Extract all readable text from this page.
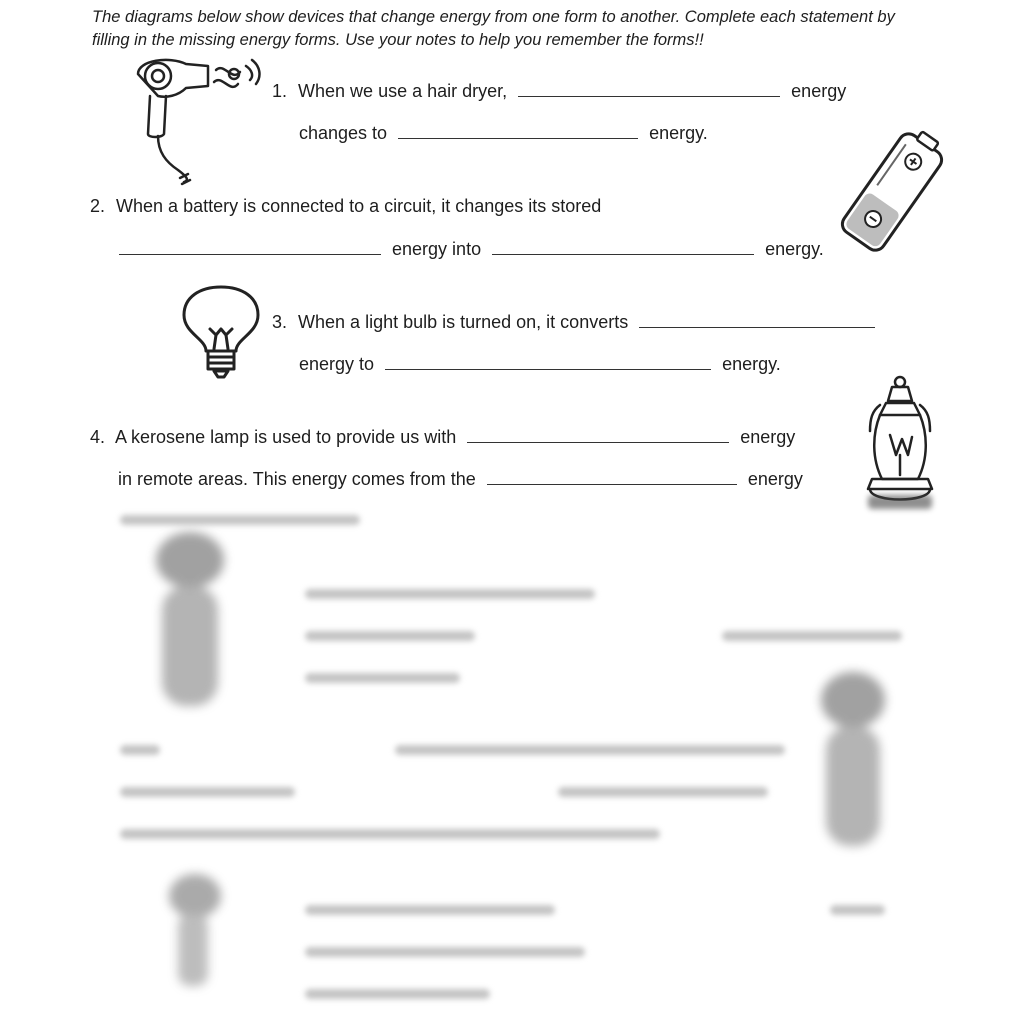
The diagrams below show devices that change energy from one form to another. Complete each statement by filling in the missing energy forms. Use your notes to help you remember the forms!!
1. When we use a hair dryer,	energy
changes to	energy.
2. When a battery is connected to a circuit, it changes its stored
energy into	energy.
3. When a light bulb is turned on, it converts
energy to	energy.
4. A kerosene lamp is used to provide us with	energy
in remote areas. This energy comes from the	energy
